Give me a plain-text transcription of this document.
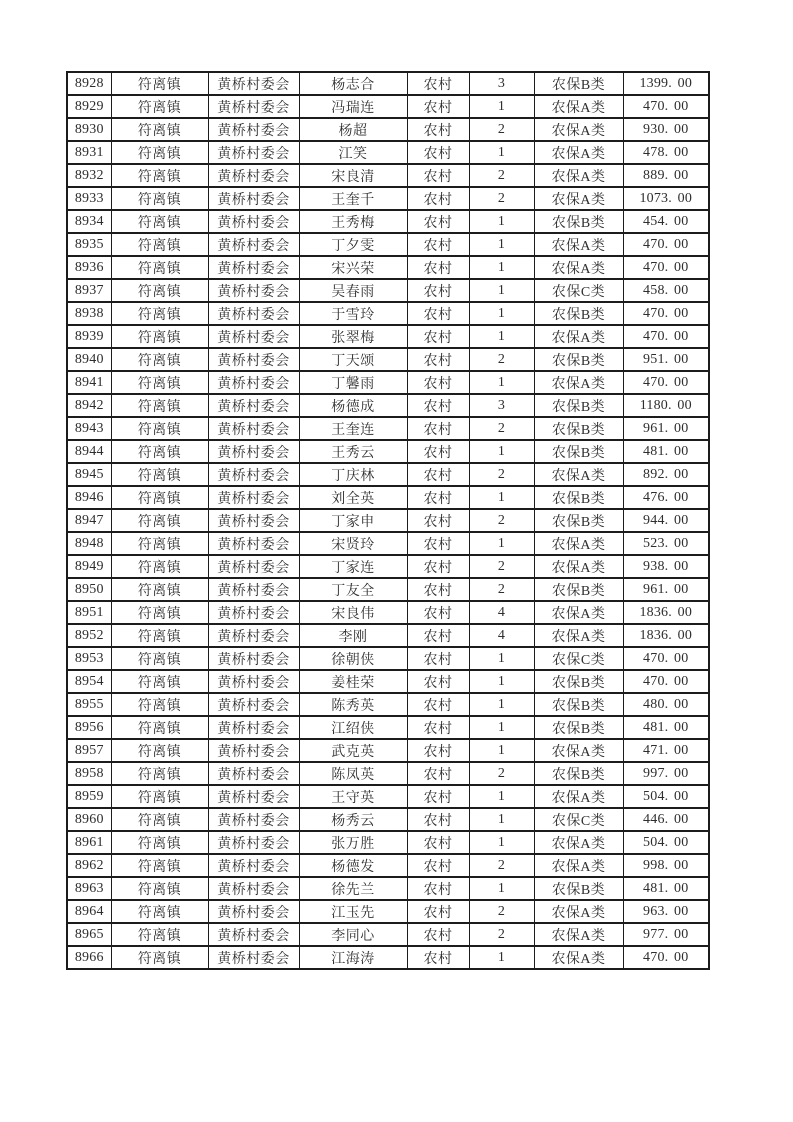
8928	符离镇	黄桥村委会	杨志合	农村	3	农保B类	1399. 00
8929	符离镇	黄桥村委会	冯瑞连	农村	1	农保A类	470. 00
8930	符离镇	黄桥村委会	杨超	农村	2	农保A类	930. 00
8931	符离镇	黄桥村委会	江笑	农村	1	农保A类	478. 00
8932	符离镇	黄桥村委会	宋良清	农村	2	农保A类	889. 00
8933	符离镇	黄桥村委会	王奎千	农村	2	农保A类	1073. 00
8934	符离镇	黄桥村委会	王秀梅	农村	1	农保B类	454. 00
8935	符离镇	黄桥村委会	丁夕雯	农村	1	农保A类	470. 00
8936	符离镇	黄桥村委会	宋兴荣	农村	1	农保A类	470. 00
8937	符离镇	黄桥村委会	吴春雨	农村	1	农保C类	458. 00
8938	符离镇	黄桥村委会	于雪玲	农村	1	农保B类	470. 00
8939	符离镇	黄桥村委会	张翠梅	农村	1	农保A类	470. 00
8940	符离镇	黄桥村委会	丁天颂	农村	2	农保B类	951. 00
8941	符离镇	黄桥村委会	丁馨雨	农村	1	农保A类	470. 00
8942	符离镇	黄桥村委会	杨德成	农村	3	农保B类	1180. 00
8943	符离镇	黄桥村委会	王奎连	农村	2	农保B类	961. 00
8944	符离镇	黄桥村委会	王秀云	农村	1	农保B类	481. 00
8945	符离镇	黄桥村委会	丁庆林	农村	2	农保A类	892. 00
8946	符离镇	黄桥村委会	刘全英	农村	1	农保B类	476. 00
8947	符离镇	黄桥村委会	丁家申	农村	2	农保B类	944. 00
8948	符离镇	黄桥村委会	宋贤玲	农村	1	农保A类	523. 00
8949	符离镇	黄桥村委会	丁家连	农村	2	农保A类	938. 00
8950	符离镇	黄桥村委会	丁友全	农村	2	农保B类	961. 00
8951	符离镇	黄桥村委会	宋良伟	农村	4	农保A类	1836. 00
8952	符离镇	黄桥村委会	李刚	农村	4	农保A类	1836. 00
8953	符离镇	黄桥村委会	徐朝侠	农村	1	农保C类	470. 00
8954	符离镇	黄桥村委会	姜桂荣	农村	1	农保B类	470. 00
8955	符离镇	黄桥村委会	陈秀英	农村	1	农保B类	480. 00
8956	符离镇	黄桥村委会	江绍侠	农村	1	农保B类	481. 00
8957	符离镇	黄桥村委会	武克英	农村	1	农保A类	471. 00
8958	符离镇	黄桥村委会	陈凤英	农村	2	农保B类	997. 00
8959	符离镇	黄桥村委会	王守英	农村	1	农保A类	504. 00
8960	符离镇	黄桥村委会	杨秀云	农村	1	农保C类	446. 00
8961	符离镇	黄桥村委会	张万胜	农村	1	农保A类	504. 00
8962	符离镇	黄桥村委会	杨德发	农村	2	农保A类	998. 00
8963	符离镇	黄桥村委会	徐先兰	农村	1	农保B类	481. 00
8964	符离镇	黄桥村委会	江玉先	农村	2	农保A类	963. 00
8965	符离镇	黄桥村委会	李同心	农村	2	农保A类	977. 00
8966	符离镇	黄桥村委会	江海涛	农村	1	农保A类	470. 00
